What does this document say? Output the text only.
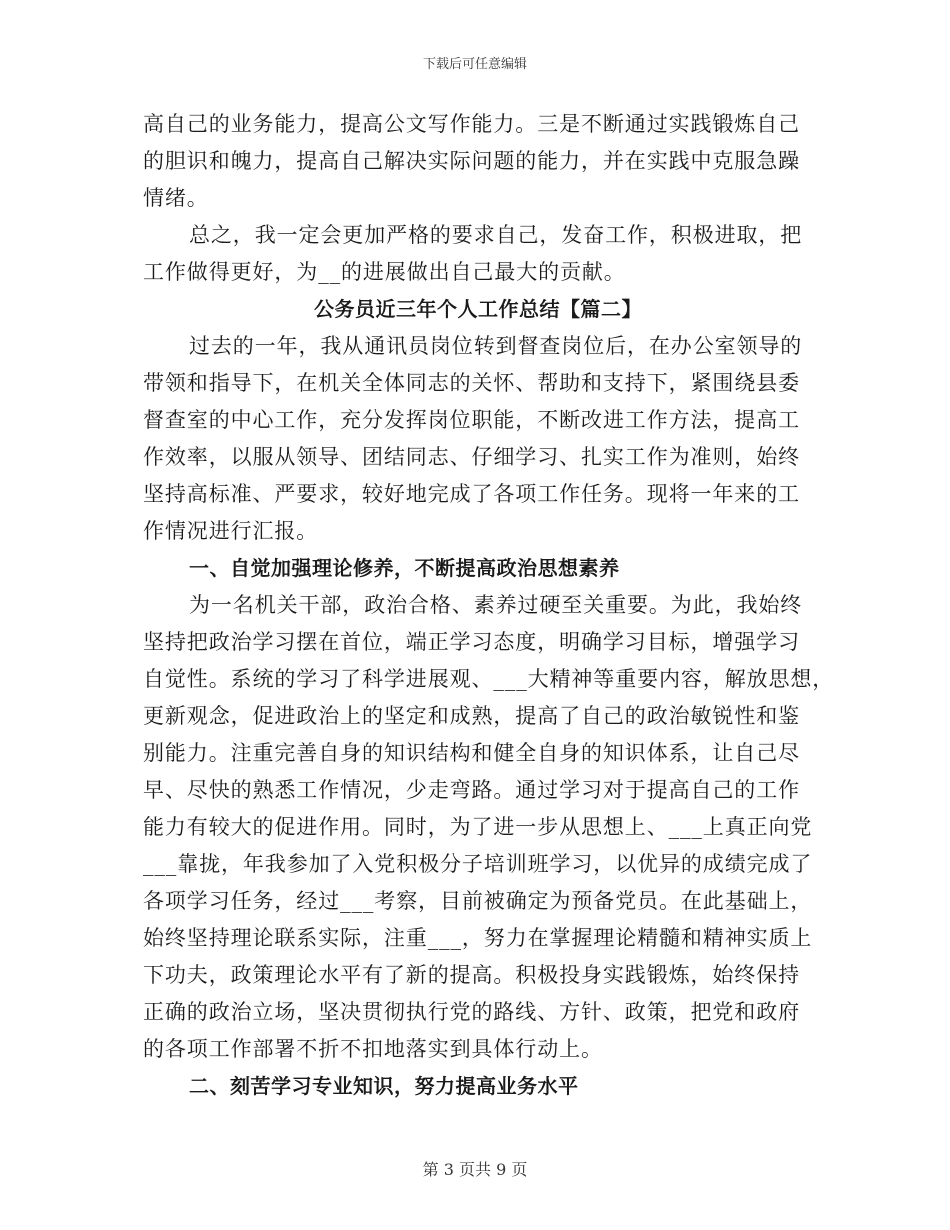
下载后可任意编辑
高自己的业务能力，提高公文写作能力。三是不断通过实践锻炼自己
的胆识和魄力，提高自己解决实际问题的能力，并在实践中克服急躁
情绪。
总之，我一定会更加严格的要求自己，发奋工作，积极进取，把
工作做得更好，为__的进展做出自己最大的贡献。
公务员近三年个人工作总结【篇二】
过去的一年，我从通讯员岗位转到督查岗位后，在办公室领导的
带领和指导下，在机关全体同志的关怀、帮助和支持下，紧围绕县委
督查室的中心工作，充分发挥岗位职能，不断改进工作方法，提高工
作效率，以服从领导、团结同志、仔细学习、扎实工作为准则，始终
坚持高标准、严要求，较好地完成了各项工作任务。现将一年来的工
作情况进行汇报。
一、自觉加强理论修养，不断提高政治思想素养
为一名机关干部，政治合格、素养过硬至关重要。为此，我始终
坚持把政治学习摆在首位，端正学习态度，明确学习目标，增强学习
自觉性。系统的学习了科学进展观、___大精神等重要内容，解放思想，
更新观念，促进政治上的坚定和成熟，提高了自己的政治敏锐性和鉴
别能力。注重完善自身的知识结构和健全自身的知识体系，让自己尽
早、尽快的熟悉工作情况，少走弯路。通过学习对于提高自己的工作
能力有较大的促进作用。同时，为了进一步从思想上、___上真正向党
___靠拢，年我参加了入党积极分子培训班学习，以优异的成绩完成了
各项学习任务，经过___考察，目前被确定为预备党员。在此基础上，
始终坚持理论联系实际，注重___，努力在掌握理论精髓和精神实质上
下功夫，政策理论水平有了新的提高。积极投身实践锻炼，始终保持
正确的政治立场，坚决贯彻执行党的路线、方针、政策，把党和政府
的各项工作部署不折不扣地落实到具体行动上。
二、刻苦学习专业知识，努力提高业务水平
第 3 页共 9 页
